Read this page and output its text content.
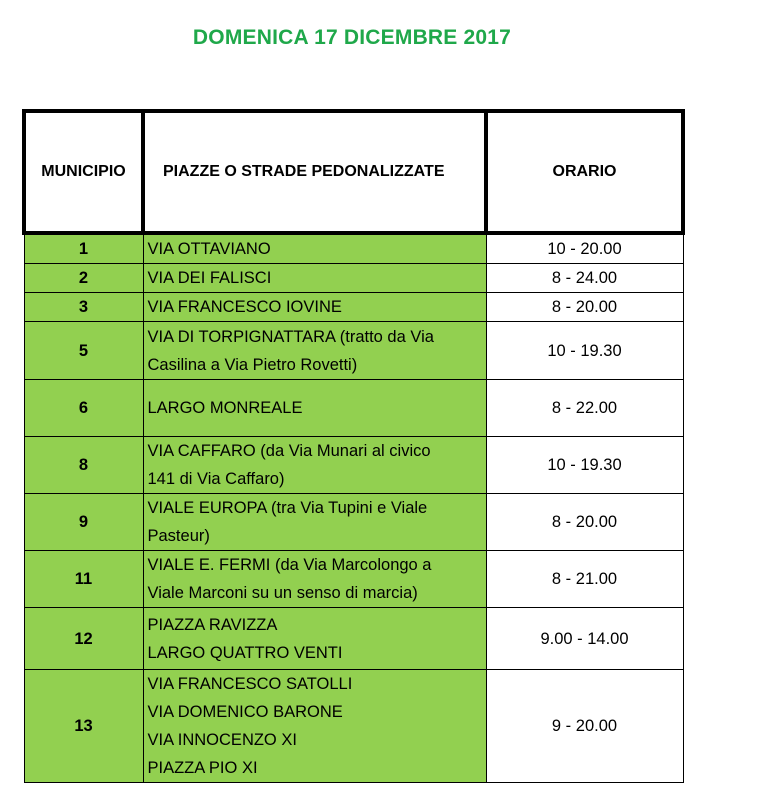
DOMENICA 17 DICEMBRE 2017
MUNICIPIO	PIAZZE O STRADE PEDONALIZZATE	ORARIO
1	VIA OTTAVIANO	10 - 20.00
2	VIA DEI FALISCI	8 - 24.00
3	VIA FRANCESCO IOVINE	8 - 20.00
5	VIA DI TORPIGNATTARA (tratto da Via
Casilina a Via Pietro Rovetti)	10 - 19.30
6	LARGO MONREALE	8 - 22.00
8	VIA CAFFARO (da Via Munari al civico
141 di Via Caffaro)	10 - 19.30
9	VIALE EUROPA (tra Via Tupini e Viale
Pasteur)	8 - 20.00
11	VIALE E. FERMI (da Via Marcolongo a
Viale Marconi su un senso di marcia)	8 - 21.00
12	PIAZZA RAVIZZA
LARGO QUATTRO VENTI	9.00 - 14.00
13	VIA FRANCESCO SATOLLI
VIA DOMENICO BARONE
VIA INNOCENZO XI
PIAZZA PIO XI	9 - 20.00
